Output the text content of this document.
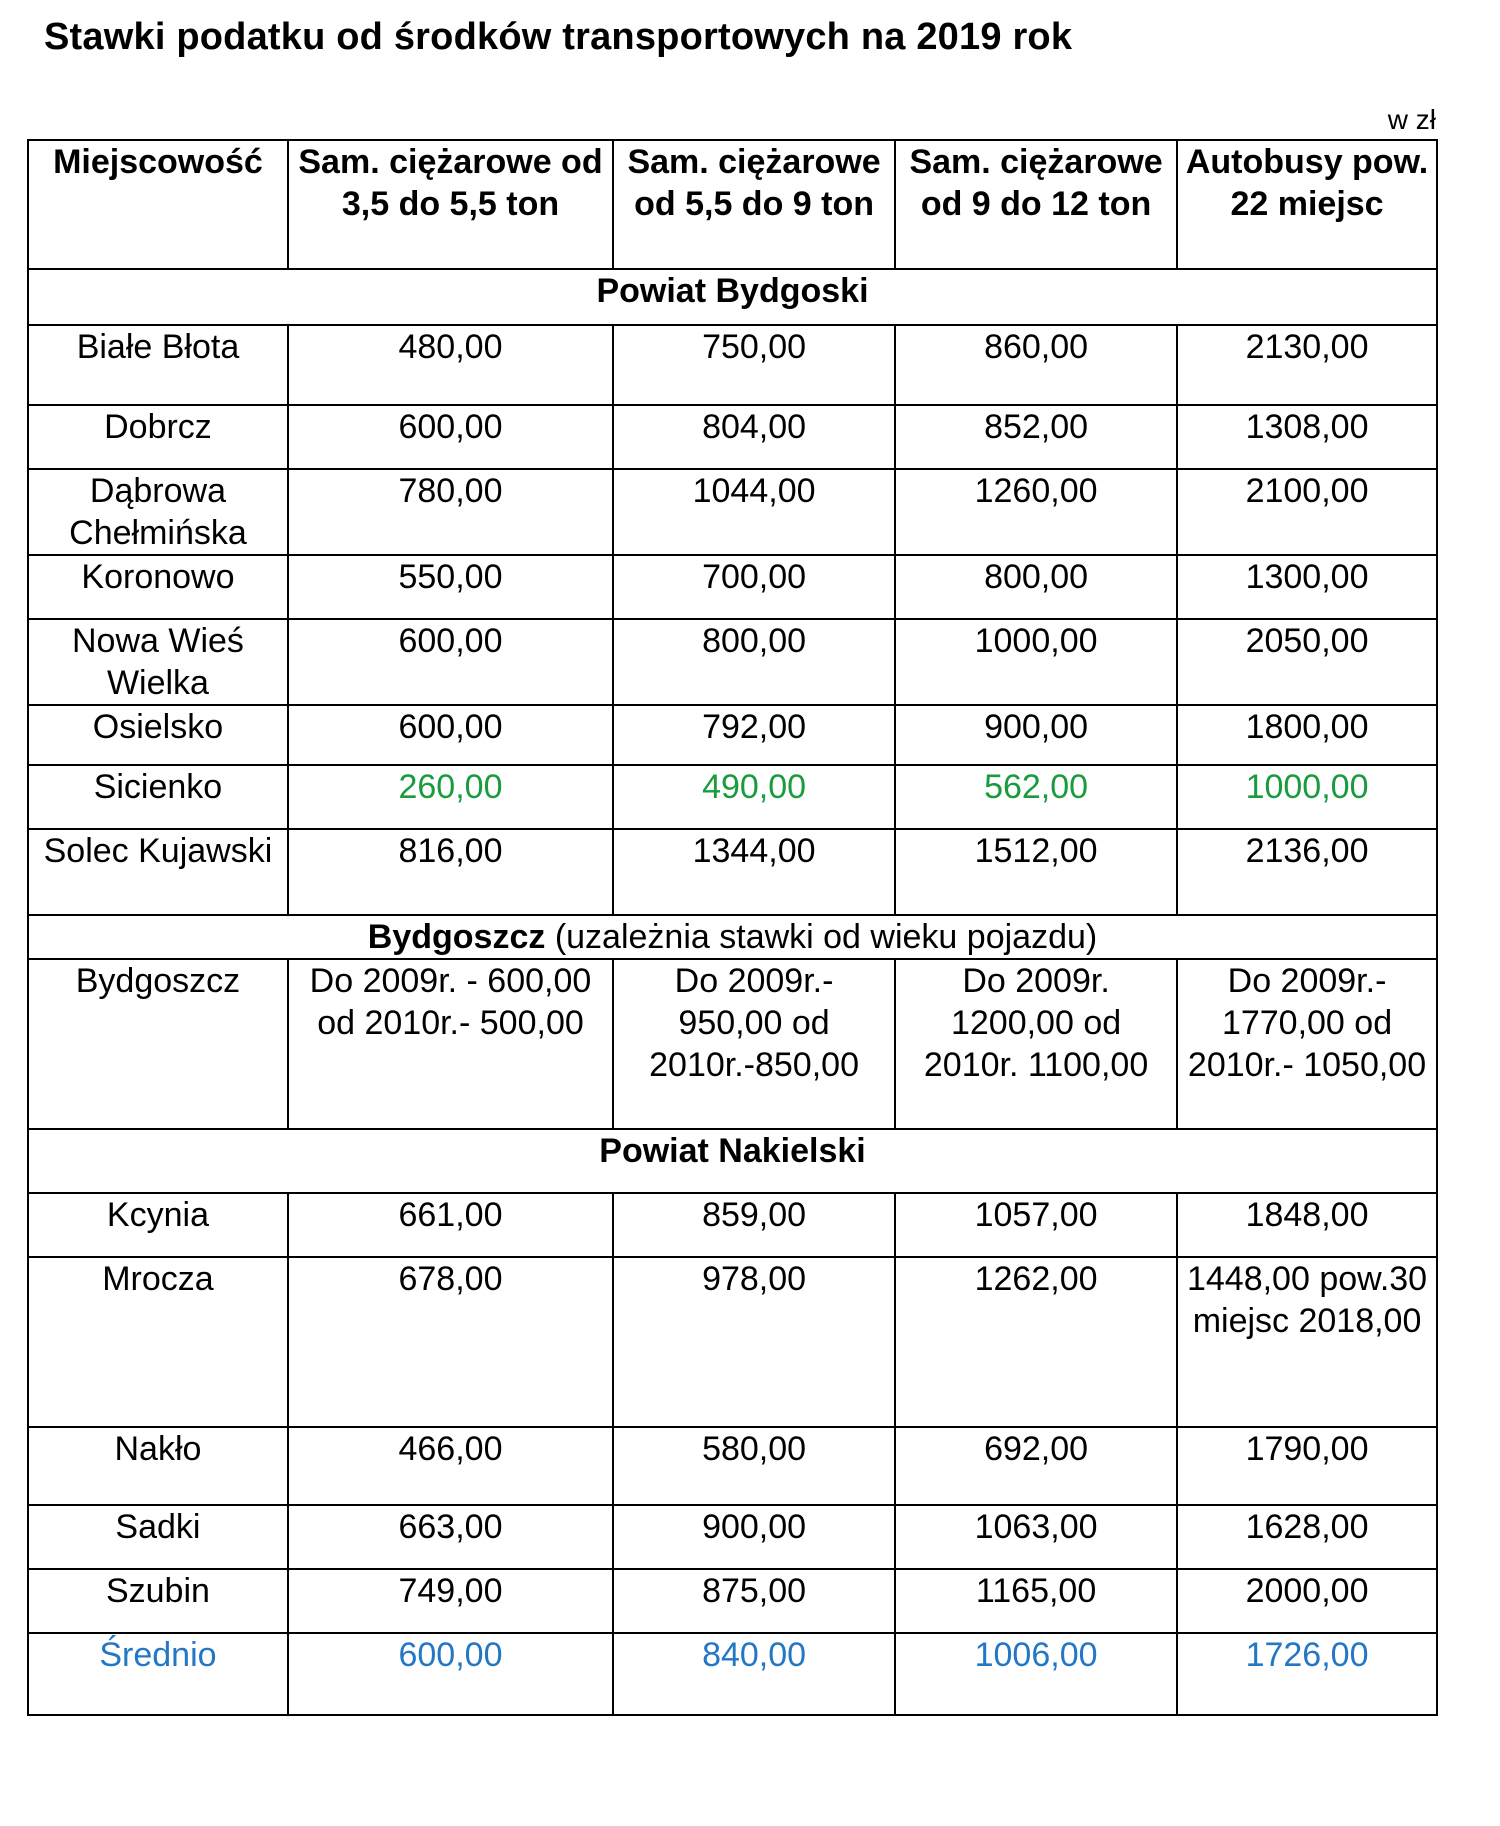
Stawki podatku od środków transportowych na 2019 rok
w zł
Miejscowość	Sam. ciężarowe od 3,5 do 5,5 ton	Sam. ciężarowe od 5,5 do 9 ton	Sam. ciężarowe od 9 do 12 ton	Autobusy pow. 22 miejsc
Powiat Bydgoski				
Białe Błota	480,00	750,00	860,00	2130,00
Dobrcz	600,00	804,00	852,00	1308,00
Dąbrowa Chełmińska	780,00	1044,00	1260,00	2100,00
Koronowo	550,00	700,00	800,00	1300,00
Nowa Wieś Wielka	600,00	800,00	1000,00	2050,00
Osielsko	600,00	792,00	900,00	1800,00
Sicienko	260,00	490,00	562,00	1000,00
Solec Kujawski	816,00	1344,00	1512,00	2136,00
Bydgoszcz (uzależnia stawki od wieku pojazdu)				
Bydgoszcz	Do 2009r. - 600,00 od 2010r.- 500,00	Do 2009r.- 950,00 od 2010r.-850,00	Do 2009r. 1200,00 od 2010r. 1100,00	Do 2009r.- 1770,00 od 2010r.- 1050,00
Powiat Nakielski				
Kcynia	661,00	859,00	1057,00	1848,00
Mrocza	678,00	978,00	1262,00	1448,00 pow.30 miejsc 2018,00
Nakło	466,00	580,00	692,00	1790,00
Sadki	663,00	900,00	1063,00	1628,00
Szubin	749,00	875,00	1165,00	2000,00
Średnio	600,00	840,00	1006,00	1726,00
